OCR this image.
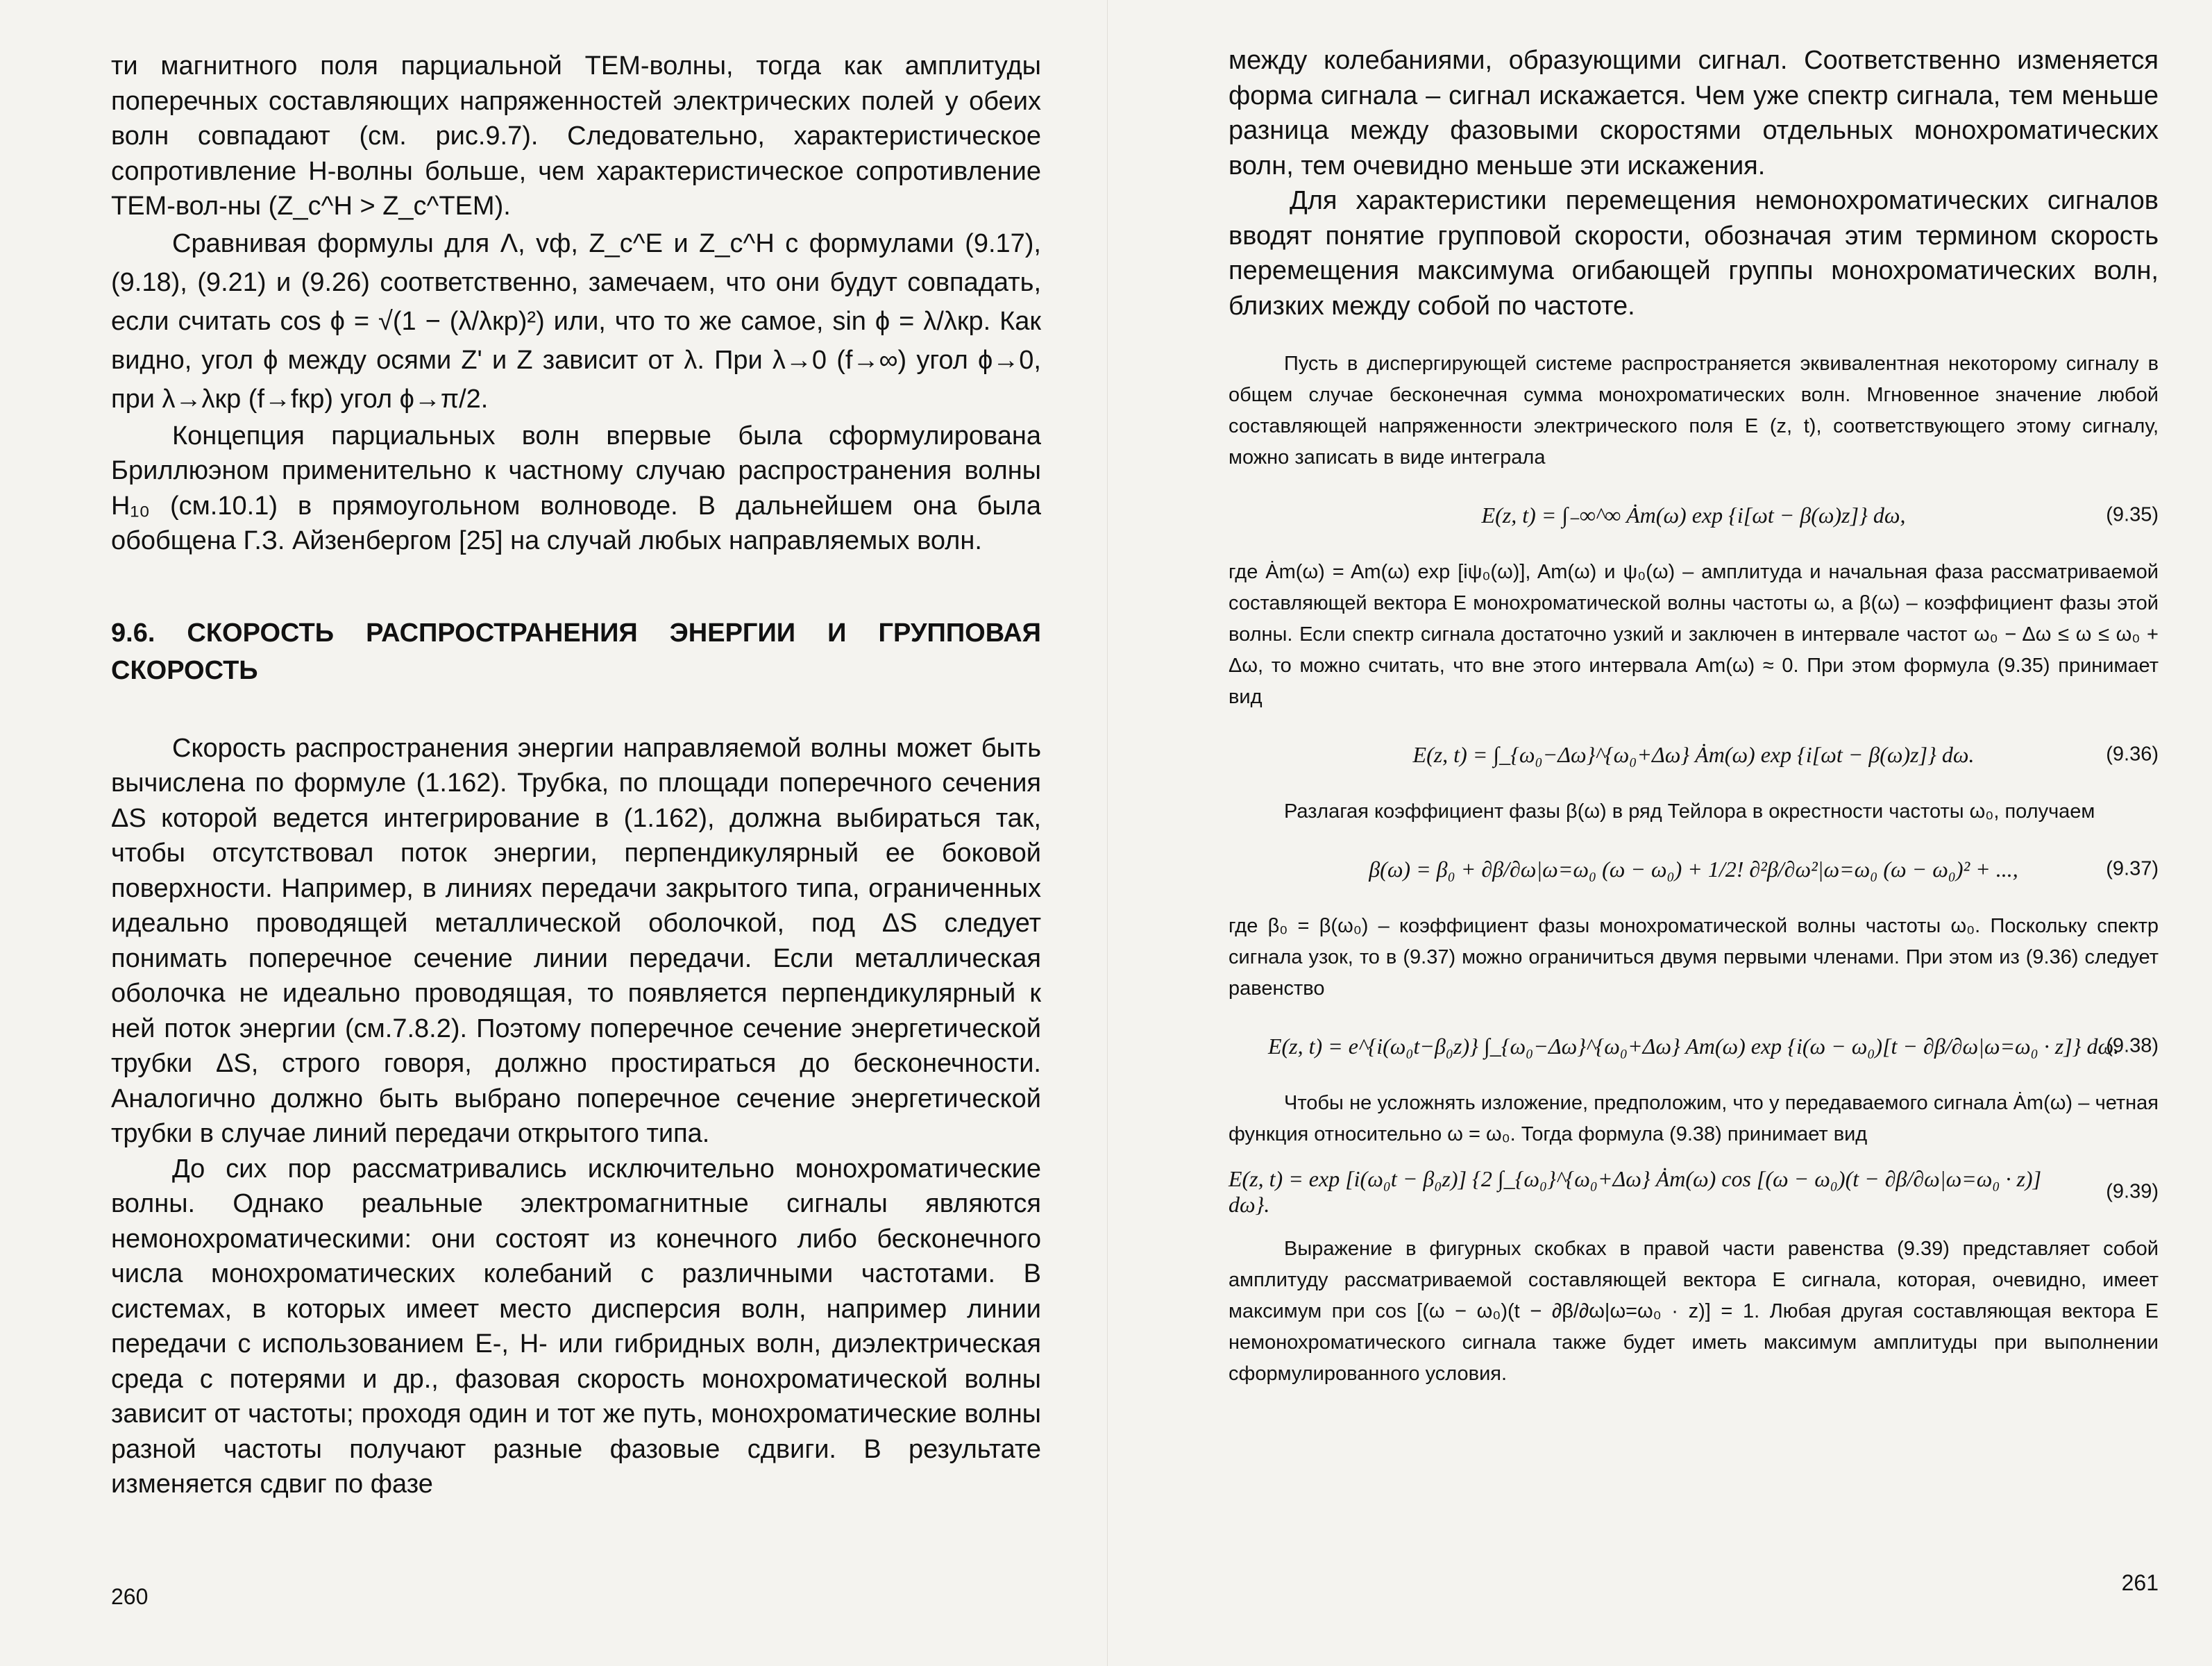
ти магнитного поля парциальной TEM-волны, тогда как амплитуды поперечных составляющих напряженностей электрических полей у обеих волн совпадают (см. рис.9.7). Следовательно, характеристическое сопротивление H-волны больше, чем характеристическое сопротивление TEM-вол-ны (Z_c^H > Z_c^TEM).

Сравнивая формулы для Λ, vф, Z_c^E и Z_c^H с формулами (9.17), (9.18), (9.21) и (9.26) соответственно, замечаем, что они будут совпадать, если считать cos ϕ = √(1 − (λ/λкр)²) или, что то же самое, sin ϕ = λ/λкр. Как видно, угол ϕ между осями Z' и Z зависит от λ. При λ→0 (f→∞) угол ϕ→0, при λ→λкр (f→fкр) угол ϕ→π/2.

Концепция парциальных волн впервые была сформулирована Бриллюэном применительно к частному случаю распространения волны H₁₀ (см.10.1) в прямоугольном волноводе. В дальнейшем она была обобщена Г.З. Айзенбергом [25] на случай любых направляемых волн.

9.6. СКОРОСТЬ РАСПРОСТРАНЕНИЯ ЭНЕРГИИ И ГРУППОВАЯ СКОРОСТЬ

Скорость распространения энергии направляемой волны может быть вычислена по формуле (1.162). Трубка, по площади поперечного сечения ΔS которой ведется интегрирование в (1.162), должна выбираться так, чтобы отсутствовал поток энергии, перпендикулярный ее боковой поверхности. Например, в линиях передачи закрытого типа, ограниченных идеально проводящей металлической оболочкой, под ΔS следует понимать поперечное сечение линии передачи. Если металлическая оболочка не идеально проводящая, то появляется перпендикулярный к ней поток энергии (см.7.8.2). Поэтому поперечное сечение энергетической трубки ΔS, строго говоря, должно простираться до бесконечности. Аналогично должно быть выбрано поперечное сечение энергетической трубки в случае линий передачи открытого типа.

До сих пор рассматривались исключительно монохроматические волны. Однако реальные электромагнитные сигналы являются немонохроматическими: они состоят из конечного либо бесконечного числа монохроматических колебаний с различными частотами. В системах, в которых имеет место дисперсия волн, например линии передачи с использованием E-, H- или гибридных волн, диэлектрическая среда с потерями и др., фазовая скорость монохроматической волны зависит от частоты; проходя один и тот же путь, монохроматические волны разной частоты получают разные фазовые сдвиги. В результате изменяется сдвиг по фазе

260

между колебаниями, образующими сигнал. Соответственно изменяется форма сигнала – сигнал искажается. Чем уже спектр сигнала, тем меньше разница между фазовыми скоростями отдельных монохроматических волн, тем очевидно меньше эти искажения.

Для характеристики перемещения немонохроматических сигналов вводят понятие групповой скорости, обозначая этим термином скорость перемещения максимума огибающей группы монохроматических волн, близких между собой по частоте.

Пусть в диспергирующей системе распространяется эквивалентная некоторому сигналу в общем случае бесконечная сумма монохроматических волн. Мгновенное значение любой составляющей напряженности электрического поля E (z, t), соответствующего этому сигналу, можно записать в виде интеграла

E(z, t) = ∫₋∞^∞ Ȧm(ω) exp {i[ωt − β(ω)z]} dω,	(9.35)

где Ȧm(ω) = Am(ω) exp [iψ₀(ω)], Am(ω) и ψ₀(ω) – амплитуда и начальная фаза рассматриваемой составляющей вектора E монохроматической волны частоты ω, а β(ω) – коэффициент фазы этой волны. Если спектр сигнала достаточно узкий и заключен в интервале частот ω₀ − Δω ≤ ω ≤ ω₀ + Δω, то можно считать, что вне этого интервала Am(ω) ≈ 0. При этом формула (9.35) принимает вид

E(z, t) = ∫_{ω₀−Δω}^{ω₀+Δω} Ȧm(ω) exp {i[ωt − β(ω)z]} dω.	(9.36)

Разлагая коэффициент фазы β(ω) в ряд Тейлора в окрестности частоты ω₀, получаем

β(ω) = β₀ + ∂β/∂ω|ω=ω₀ (ω − ω₀) + 1/2! ∂²β/∂ω²|ω=ω₀ (ω − ω₀)² + ...,	(9.37)

где β₀ = β(ω₀) – коэффициент фазы монохроматической волны частоты ω₀. Поскольку спектр сигнала узок, то в (9.37) можно ограничиться двумя первыми членами. При этом из (9.36) следует равенство

E(z, t) = e^{i(ω₀t−β₀z)} ∫_{ω₀−Δω}^{ω₀+Δω} Am(ω) exp {i(ω − ω₀)[t − ∂β/∂ω|ω=ω₀ · z]} dω.
(9.38)

Чтобы не усложнять изложение, предположим, что у передаваемого сигнала Ȧm(ω) – четная функция относительно ω = ω₀. Тогда формула (9.38) принимает вид

E(z, t) = exp [i(ω₀t − β₀z)] {2 ∫_{ω₀}^{ω₀+Δω} Ȧm(ω) cos [(ω − ω₀)(t − ∂β/∂ω|ω=ω₀ · z)] dω}.
(9.39)

Выражение в фигурных скобках в правой части равенства (9.39) представляет собой амплитуду рассматриваемой составляющей вектора E сигнала, которая, очевидно, имеет максимум при cos [(ω − ω₀)(t − ∂β/∂ω|ω=ω₀ · z)] = 1. Любая другая составляющая вектора E немонохроматического сигнала также будет иметь максимум амплитуды при выполнении сформулированного условия.

261
